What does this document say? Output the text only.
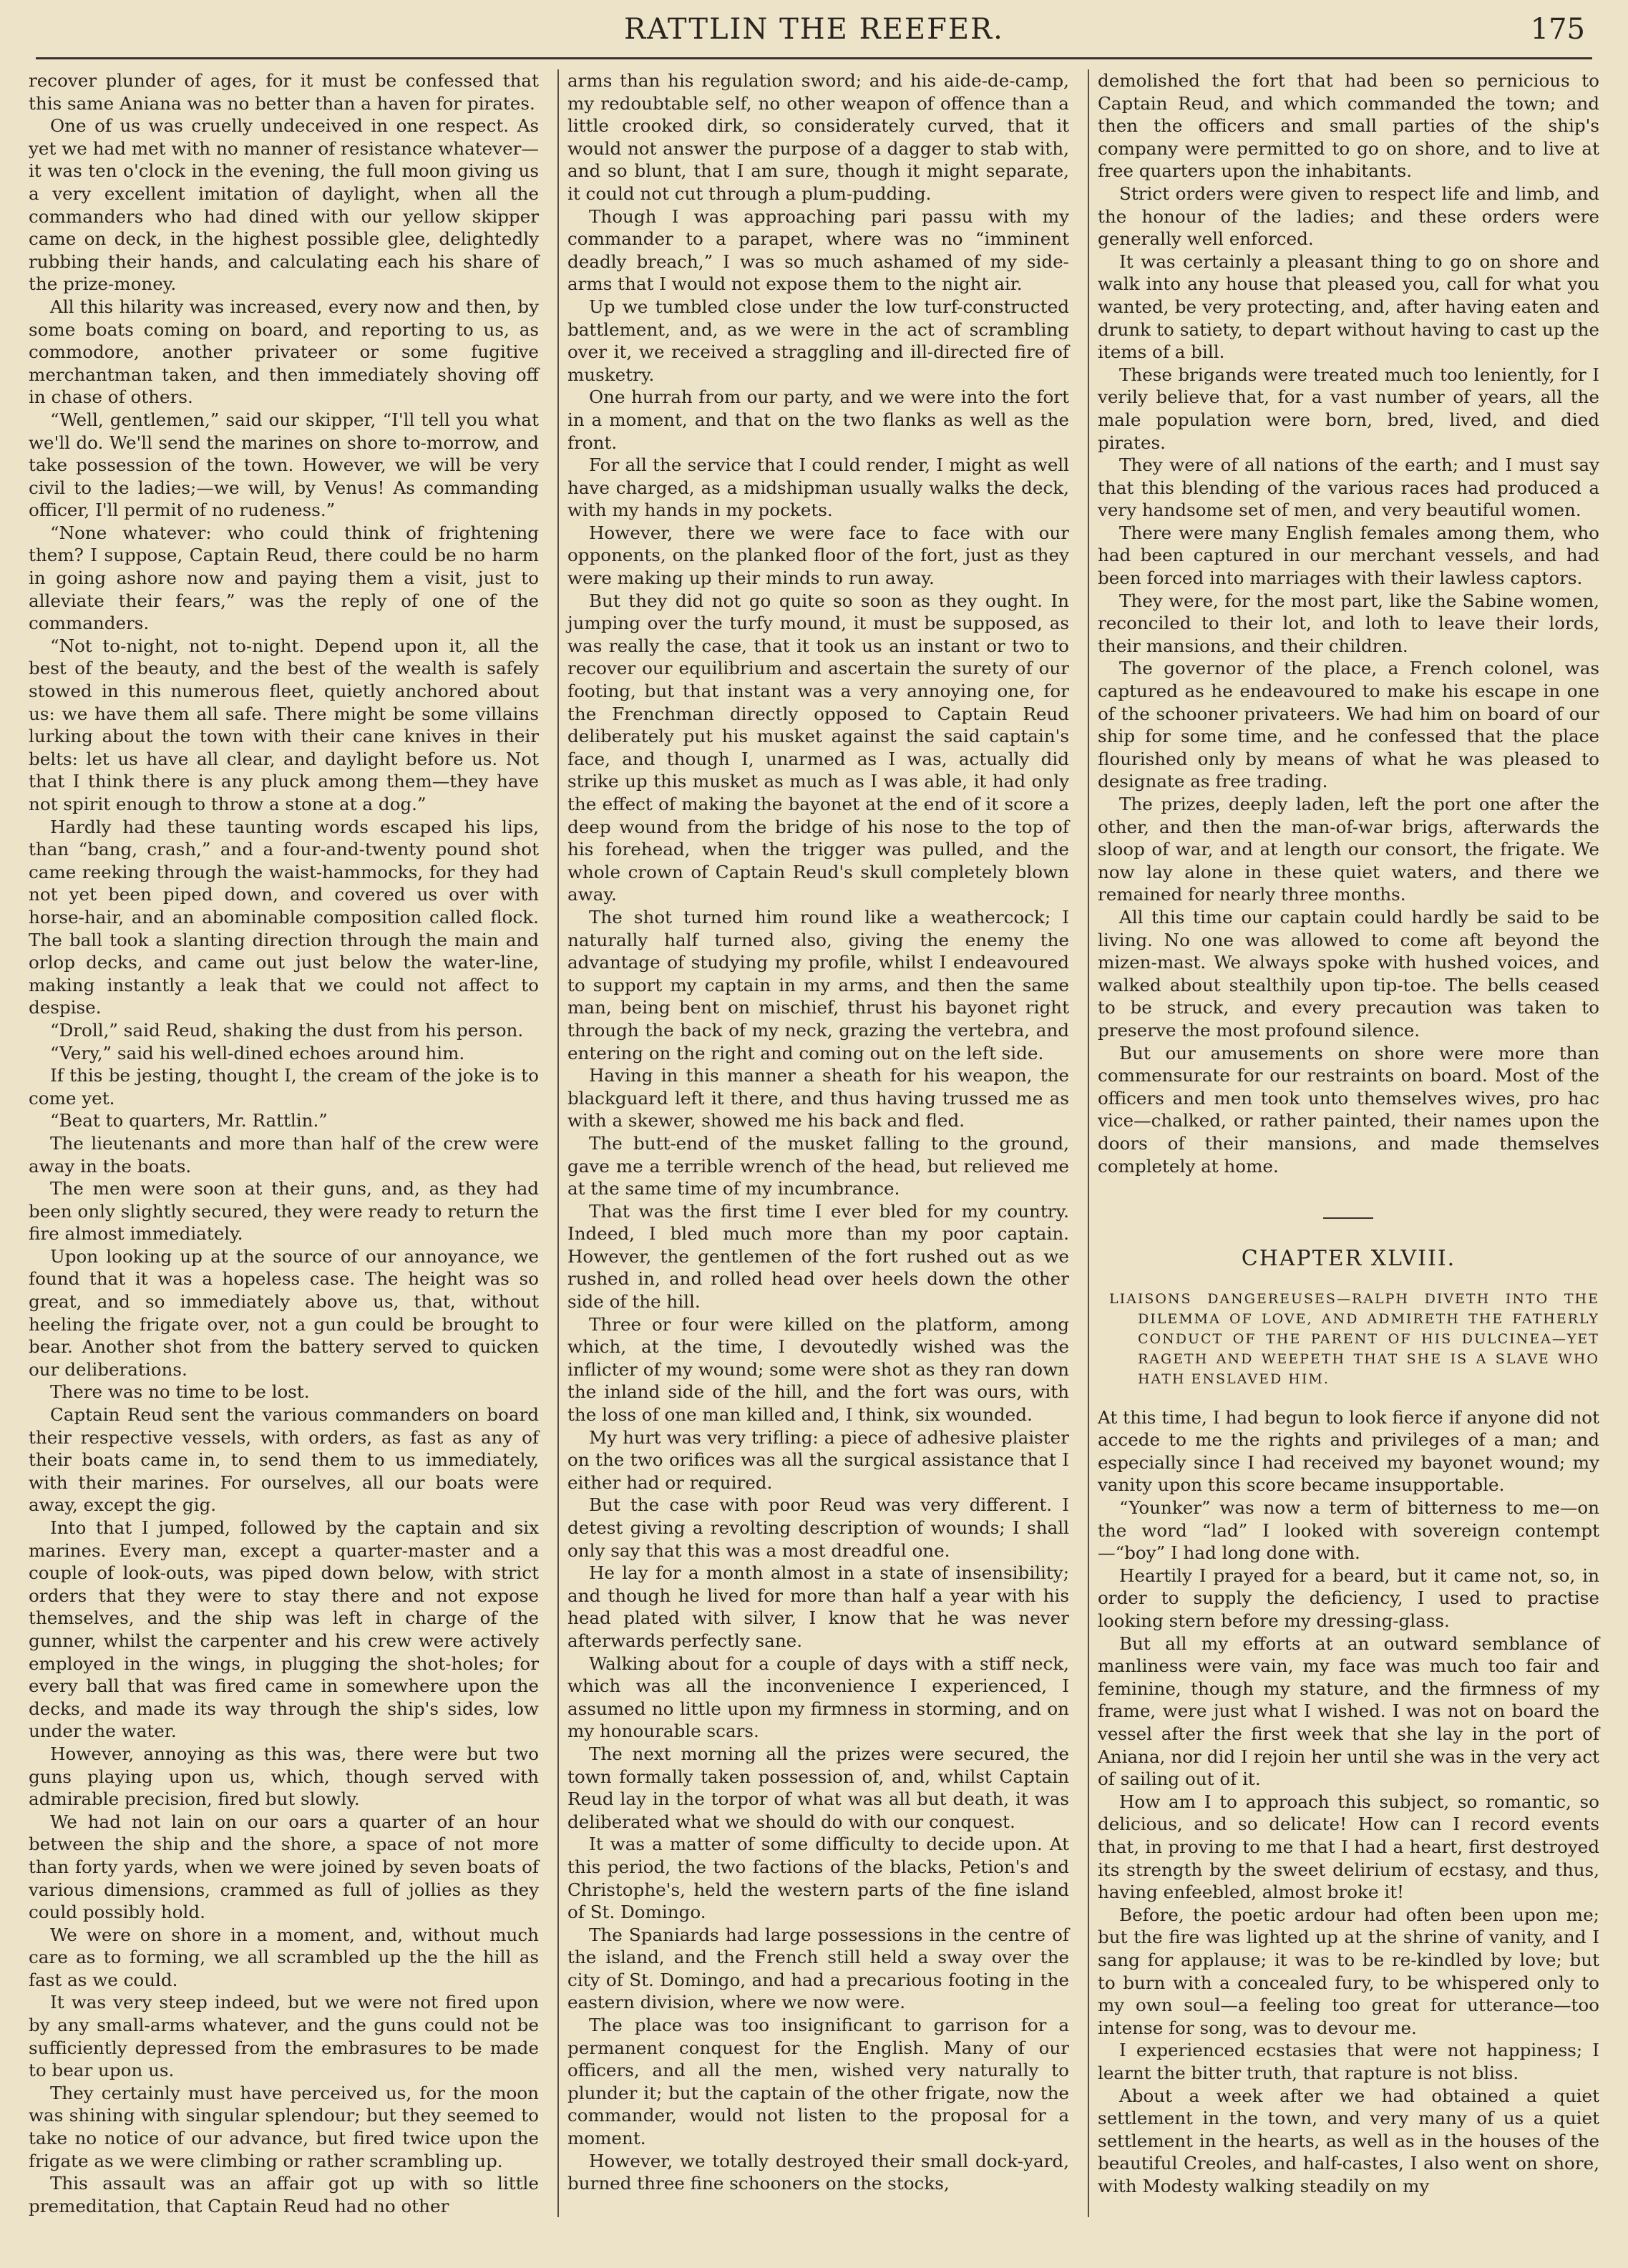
RATTLIN THE REEFER.	175

recover plunder of ages, for it must be confessed that this same Aniana was no better than a haven for pirates.

One of us was cruelly undeceived in one respect. As yet we had met with no manner of resistance whatever—it was ten o'clock in the evening, the full moon giving us a very excellent imitation of daylight, when all the commanders who had dined with our yellow skipper came on deck, in the highest possible glee, delightedly rubbing their hands, and calculating each his share of the prize-money.

All this hilarity was increased, every now and then, by some boats coming on board, and reporting to us, as commodore, another privateer or some fugitive merchantman taken, and then immediately shoving off in chase of others.

“Well, gentlemen,” said our skipper, “I'll tell you what we'll do. We'll send the marines on shore to-morrow, and take possession of the town. However, we will be very civil to the ladies;—we will, by Venus! As commanding officer, I'll permit of no rudeness.”

“None whatever: who could think of frightening them? I suppose, Captain Reud, there could be no harm in going ashore now and paying them a visit, just to alleviate their fears,” was the reply of one of the commanders.

“Not to-night, not to-night. Depend upon it, all the best of the beauty, and the best of the wealth is safely stowed in this numerous fleet, quietly anchored about us: we have them all safe. There might be some villains lurking about the town with their cane knives in their belts: let us have all clear, and daylight before us. Not that I think there is any pluck among them—they have not spirit enough to throw a stone at a dog.”

Hardly had these taunting words escaped his lips, than “bang, crash,” and a four-and-twenty pound shot came reeking through the waist-hammocks, for they had not yet been piped down, and covered us over with horse-hair, and an abominable composition called flock. The ball took a slanting direction through the main and orlop decks, and came out just below the water-line, making instantly a leak that we could not affect to despise.

“Droll,” said Reud, shaking the dust from his person.

“Very,” said his well-dined echoes around him.

If this be jesting, thought I, the cream of the joke is to come yet.

“Beat to quarters, Mr. Rattlin.”

The lieutenants and more than half of the crew were away in the boats.

The men were soon at their guns, and, as they had been only slightly secured, they were ready to return the fire almost immediately.

Upon looking up at the source of our annoyance, we found that it was a hopeless case. The height was so great, and so immediately above us, that, without heeling the frigate over, not a gun could be brought to bear. Another shot from the battery served to quicken our deliberations.

There was no time to be lost.

Captain Reud sent the various commanders on board their respective vessels, with orders, as fast as any of their boats came in, to send them to us immediately, with their marines. For ourselves, all our boats were away, except the gig.

Into that I jumped, followed by the captain and six marines. Every man, except a quarter-master and a couple of look-outs, was piped down below, with strict orders that they were to stay there and not expose themselves, and the ship was left in charge of the gunner, whilst the carpenter and his crew were actively employed in the wings, in plugging the shot-holes; for every ball that was fired came in somewhere upon the decks, and made its way through the ship's sides, low under the water.

However, annoying as this was, there were but two guns playing upon us, which, though served with admirable precision, fired but slowly.

We had not lain on our oars a quarter of an hour between the ship and the shore, a space of not more than forty yards, when we were joined by seven boats of various dimensions, crammed as full of jollies as they could possibly hold.

We were on shore in a moment, and, without much care as to forming, we all scrambled up the the hill as fast as we could.

It was very steep indeed, but we were not fired upon by any small-arms whatever, and the guns could not be sufficiently depressed from the embrasures to be made to bear upon us.

They certainly must have perceived us, for the moon was shining with singular splendour; but they seemed to take no notice of our advance, but fired twice upon the frigate as we were climbing or rather scrambling up.

This assault was an affair got up with so little premeditation, that Captain Reud had no other

arms than his regulation sword; and his aide-de-camp, my redoubtable self, no other weapon of offence than a little crooked dirk, so considerately curved, that it would not answer the purpose of a dagger to stab with, and so blunt, that I am sure, though it might separate, it could not cut through a plum-pudding.

Though I was approaching pari passu with my commander to a parapet, where was no “imminent deadly breach,” I was so much ashamed of my side-arms that I would not expose them to the night air.

Up we tumbled close under the low turf-constructed battlement, and, as we were in the act of scrambling over it, we received a straggling and ill-directed fire of musketry.

One hurrah from our party, and we were into the fort in a moment, and that on the two flanks as well as the front.

For all the service that I could render, I might as well have charged, as a midshipman usually walks the deck, with my hands in my pockets.

However, there we were face to face with our opponents, on the planked floor of the fort, just as they were making up their minds to run away.

But they did not go quite so soon as they ought. In jumping over the turfy mound, it must be supposed, as was really the case, that it took us an instant or two to recover our equilibrium and ascertain the surety of our footing, but that instant was a very annoying one, for the Frenchman directly opposed to Captain Reud deliberately put his musket against the said captain's face, and though I, unarmed as I was, actually did strike up this musket as much as I was able, it had only the effect of making the bayonet at the end of it score a deep wound from the bridge of his nose to the top of his forehead, when the trigger was pulled, and the whole crown of Captain Reud's skull completely blown away.

The shot turned him round like a weathercock; I naturally half turned also, giving the enemy the advantage of studying my profile, whilst I endeavoured to support my captain in my arms, and then the same man, being bent on mischief, thrust his bayonet right through the back of my neck, grazing the vertebra, and entering on the right and coming out on the left side.

Having in this manner a sheath for his weapon, the blackguard left it there, and thus having trussed me as with a skewer, showed me his back and fled.

The butt-end of the musket falling to the ground, gave me a terrible wrench of the head, but relieved me at the same time of my incumbrance.

That was the first time I ever bled for my country. Indeed, I bled much more than my poor captain. However, the gentlemen of the fort rushed out as we rushed in, and rolled head over heels down the other side of the hill.

Three or four were killed on the platform, among which, at the time, I devoutedly wished was the inflicter of my wound; some were shot as they ran down the inland side of the hill, and the fort was ours, with the loss of one man killed and, I think, six wounded.

My hurt was very trifling: a piece of adhesive plaister on the two orifices was all the surgical assistance that I either had or required.

But the case with poor Reud was very different. I detest giving a revolting description of wounds; I shall only say that this was a most dreadful one.

He lay for a month almost in a state of insensibility; and though he lived for more than half a year with his head plated with silver, I know that he was never afterwards perfectly sane.

Walking about for a couple of days with a stiff neck, which was all the inconvenience I experienced, I assumed no little upon my firmness in storming, and on my honourable scars.

The next morning all the prizes were secured, the town formally taken possession of, and, whilst Captain Reud lay in the torpor of what was all but death, it was deliberated what we should do with our conquest.

It was a matter of some difficulty to decide upon. At this period, the two factions of the blacks, Petion's and Christophe's, held the western parts of the fine island of St. Domingo.

The Spaniards had large possessions in the centre of the island, and the French still held a sway over the city of St. Domingo, and had a precarious footing in the eastern division, where we now were.

The place was too insignificant to garrison for a permanent conquest for the English. Many of our officers, and all the men, wished very naturally to plunder it; but the captain of the other frigate, now the commander, would not listen to the proposal for a moment.

However, we totally destroyed their small dock-yard, burned three fine schooners on the stocks,

demolished the fort that had been so pernicious to Captain Reud, and which commanded the town; and then the officers and small parties of the ship's company were permitted to go on shore, and to live at free quarters upon the inhabitants.

Strict orders were given to respect life and limb, and the honour of the ladies; and these orders were generally well enforced.

It was certainly a pleasant thing to go on shore and walk into any house that pleased you, call for what you wanted, be very protecting, and, after having eaten and drunk to satiety, to depart without having to cast up the items of a bill.

These brigands were treated much too leniently, for I verily believe that, for a vast number of years, all the male population were born, bred, lived, and died pirates.

They were of all nations of the earth; and I must say that this blending of the various races had produced a very handsome set of men, and very beautiful women.

There were many English females among them, who had been captured in our merchant vessels, and had been forced into marriages with their lawless captors.

They were, for the most part, like the Sabine women, reconciled to their lot, and loth to leave their lords, their mansions, and their children.

The governor of the place, a French colonel, was captured as he endeavoured to make his escape in one of the schooner privateers. We had him on board of our ship for some time, and he confessed that the place flourished only by means of what he was pleased to designate as free trading.

The prizes, deeply laden, left the port one after the other, and then the man-of-war brigs, afterwards the sloop of war, and at length our consort, the frigate. We now lay alone in these quiet waters, and there we remained for nearly three months.

All this time our captain could hardly be said to be living. No one was allowed to come aft beyond the mizen-mast. We always spoke with hushed voices, and walked about stealthily upon tip-toe. The bells ceased to be struck, and every precaution was taken to preserve the most profound silence.

But our amusements on shore were more than commensurate for our restraints on board. Most of the officers and men took unto themselves wives, pro hac vice—chalked, or rather painted, their names upon the doors of their mansions, and made themselves completely at home.

CHAPTER XLVIII.
LIAISONS DANGEREUSES—RALPH DIVETH INTO THE DILEMMA OF LOVE, AND ADMIRETH THE FATHERLY CONDUCT OF THE PARENT OF HIS DULCINEA—YET RAGETH AND WEEPETH THAT SHE IS A SLAVE WHO HATH ENSLAVED HIM.

At this time, I had begun to look fierce if anyone did not accede to me the rights and privileges of a man; and especially since I had received my bayonet wound; my vanity upon this score became insupportable.

“Younker” was now a term of bitterness to me—on the word “lad” I looked with sovereign contempt—“boy” I had long done with.

Heartily I prayed for a beard, but it came not, so, in order to supply the deficiency, I used to practise looking stern before my dressing-glass.

But all my efforts at an outward semblance of manliness were vain, my face was much too fair and feminine, though my stature, and the firmness of my frame, were just what I wished. I was not on board the vessel after the first week that she lay in the port of Aniana, nor did I rejoin her until she was in the very act of sailing out of it.

How am I to approach this subject, so romantic, so delicious, and so delicate! How can I record events that, in proving to me that I had a heart, first destroyed its strength by the sweet delirium of ecstasy, and thus, having enfeebled, almost broke it!

Before, the poetic ardour had often been upon me; but the fire was lighted up at the shrine of vanity, and I sang for applause; it was to be re-kindled by love; but to burn with a concealed fury, to be whispered only to my own soul—a feeling too great for utterance—too intense for song, was to devour me.

I experienced ecstasies that were not happiness; I learnt the bitter truth, that rapture is not bliss.

About a week after we had obtained a quiet settlement in the town, and very many of us a quiet settlement in the hearts, as well as in the houses of the beautiful Creoles, and half-castes, I also went on shore, with Modesty walking steadily on my
